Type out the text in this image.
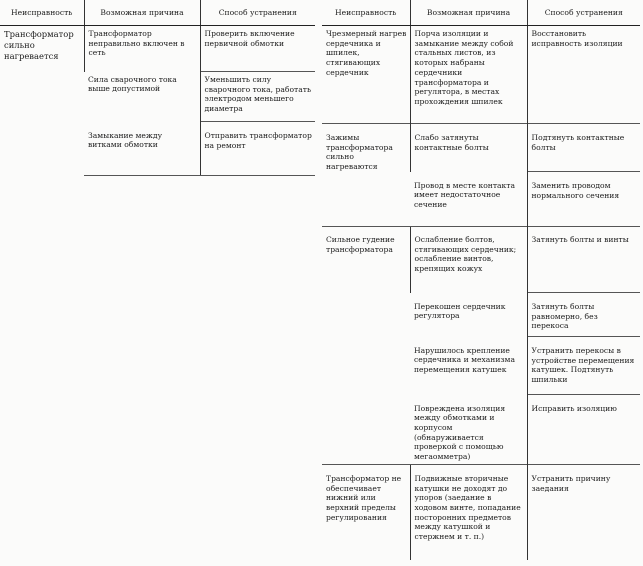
Неисправность	Возможная причина	Способ устранения
Трансформатор сильно нагревается	Трансформатор неправильно включен в сеть	Проверить включение первичной обмотки
	Сила сварочного тока выше допустимой	Уменьшить силу сварочного тока, работать электродом меньшего диаметра
	Замыкание между витками обмотки	Отправить трансформатор на ремонт
Неисправность	Возможная причина	Способ устранения
Чрезмерный нагрев сердечника и шпилек, стягивающих сердечник	Порча изоляции и замыкание между собой стальных листов, из которых набраны сердечники трансформатора и регулятора, в местах прохождения шпилек	Восстановить исправность изоляции
Зажимы трансформатора сильно нагреваются	Слабо затянуты контактные болты	Подтянуть контактные болты
	Провод в месте контакта имеет недостаточное сечение	Заменить проводом нормального сечения
Сильное гудение трансформатора	Ослабление болтов, стягивающих сердечник; ослабление винтов, крепящих кожух	Затянуть болты и винты
	Перекошен сердечник регулятора	Затянуть болты равномерно, без перекоса
	Нарушилось крепление сердечника и механизма перемещения катушек	Устранить перекосы в устройстве перемещения катушек. Подтянуть шпильки
	Повреждена изоляция между обмотками и корпусом (обнаруживается проверкой с помощью мегаомметра)	Исправить изоляцию
Трансформатор не обеспечивает нижний или верхний пределы регулирования	Подвижные вторичные катушки не доходят до упоров (заедание в ходовом винте, попадание посторонних предметов между катушкой и стержнем и т. п.)	Устранить причину заедания
